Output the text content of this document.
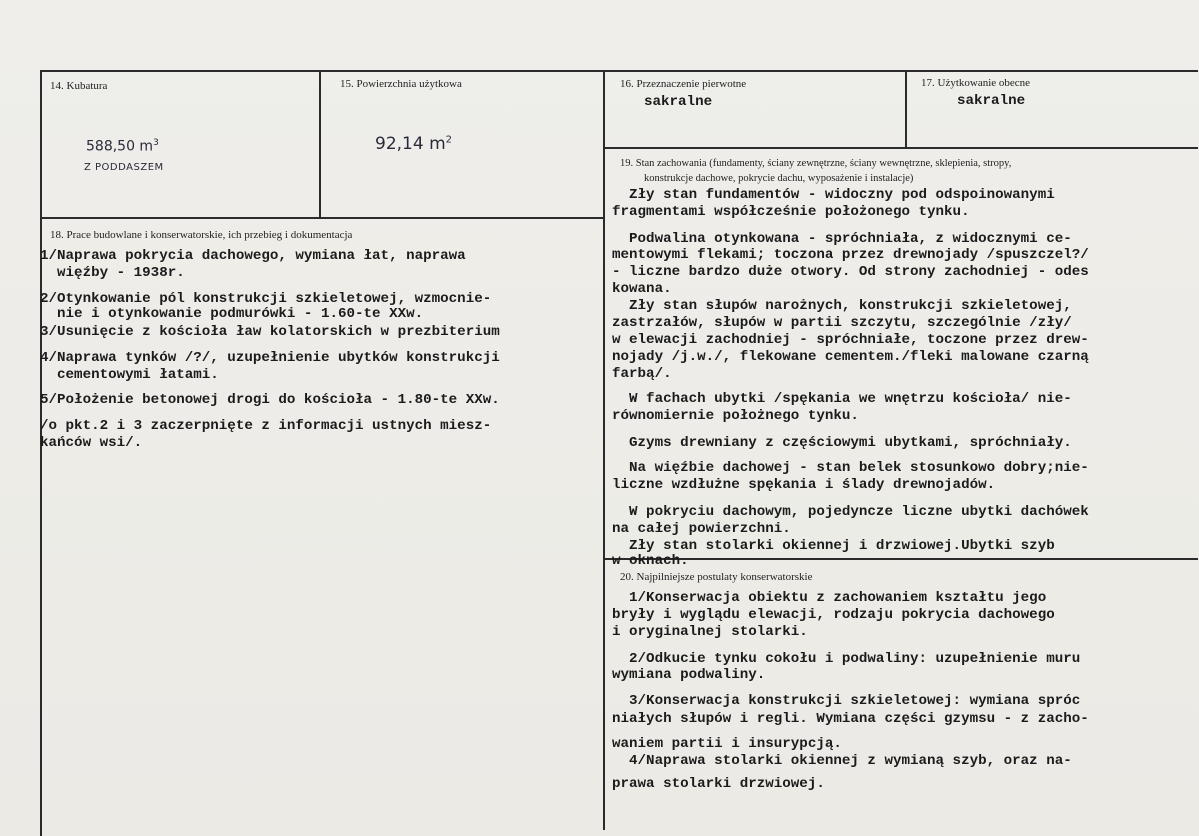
14. Kubatura
588,50 $m^3$
Z PODDASZEM
15. Powierzchnia użytkowa
92,14 $m^2$
16. Przeznaczenie pierwotne
sakralne
17. Użytkowanie obecne
sakralne
18. Prace budowlane i konserwatorskie, ich przebieg i dokumentacja
1/Naprawa pokrycia dachowego, wymiana łat, naprawa
więźby - 1938r.
2/Otynkowanie pól konstrukcji szkieletowej, wzmocnie-
nie i otynkowanie podmurówki - 1.60-te XXw.
3/Usunięcie z kościoła ław kolatorskich w prezbiterium
4/Naprawa tynków /?/, uzupełnienie ubytków konstrukcji
cementowymi łatami.
5/Położenie betonowej drogi do kościoła - 1.80-te XXw.
/o pkt.2 i 3 zaczerpnięte z informacji ustnych miesz-
kańców wsi/.
19. Stan zachowania (fundamenty, ściany zewnętrzne, ściany wewnętrzne, sklepienia, stropy,
konstrukcje dachowe, pokrycie dachu, wyposażenie i instalacje)
Zły stan fundamentów - widoczny pod odspoinowanymi
fragmentami współcześnie położonego tynku.
Podwalina otynkowana - spróchniała, z widocznymi ce-
mentowymi flekami; toczona przez drewnojady /spuszczel?/
- liczne bardzo duże otwory. Od strony zachodniej - odes
kowana.
Zły stan słupów narożnych, konstrukcji szkieletowej,
zastrzałów, słupów w partii szczytu, szczególnie /zły/
w elewacji zachodniej - spróchniałe, toczone przez drew-
nojady /j.w./, flekowane cementem./fleki malowane czarną
farbą/.
W fachach ubytki /spękania we wnętrzu kościoła/ nie-
równomiernie położnego tynku.
Gzyms drewniany z częściowymi ubytkami, spróchniały.
Na więźbie dachowej - stan belek stosunkowo dobry;nie-
liczne wzdłużne spękania i ślady drewnojadów.
W pokryciu dachowym, pojedyncze liczne ubytki dachówek
na całej powierzchni.
Zły stan stolarki okiennej i drzwiowej.Ubytki szyb
w oknach.
20. Najpilniejsze postulaty konserwatorskie
1/Konserwacja obiektu z zachowaniem kształtu jego
bryły i wyglądu elewacji, rodzaju pokrycia dachowego
i oryginalnej stolarki.
2/Odkucie tynku cokołu i podwaliny: uzupełnienie muru
wymiana podwaliny.
3/Konserwacja konstrukcji szkieletowej: wymiana spróc
niałych słupów i regli. Wymiana części gzymsu - z zacho-
waniem partii i insurypcją.
4/Naprawa stolarki okiennej z wymianą szyb, oraz na-
prawa stolarki drzwiowej.
